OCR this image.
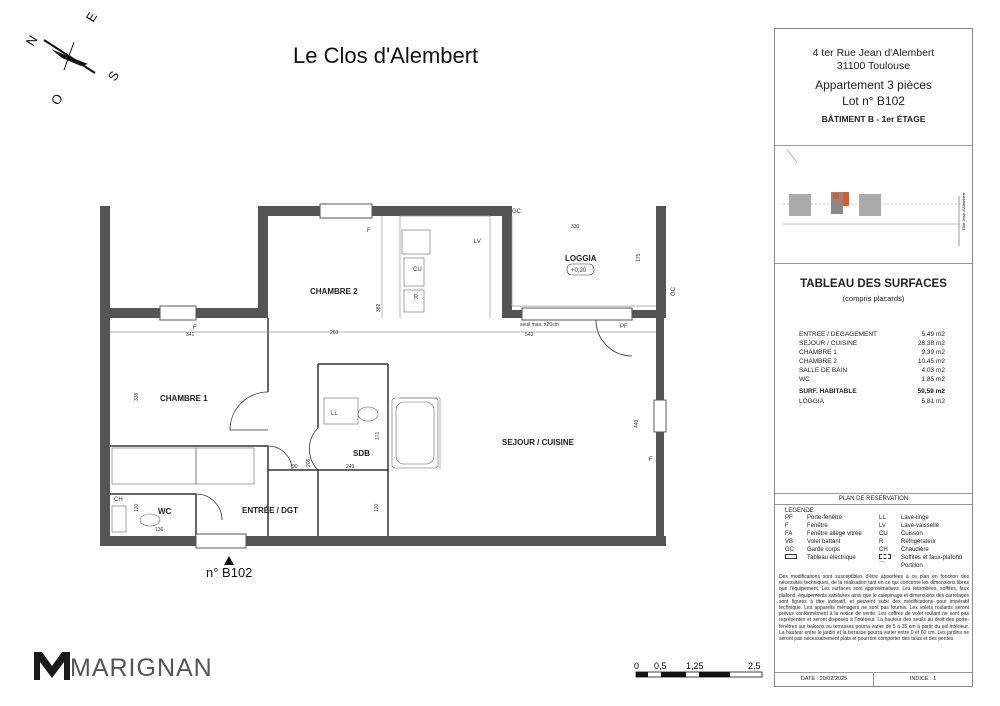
N
E
S
O
CHAMBRE 2
CHAMBRE 1
LOGGIA
+0,20
SDB
SEJOUR / CUISINE
WC	ENTRÉE / DGT
330
175
382
260
341	543
338
171
449
90 206	249
120
120
136
GC
GC
F
F
F
LV
CU
R
PF
LL
CH
seuil max. ±20cm
n° B102
0 0,5 1,25	2,5
Le Clos d'Alembert
MARIGNAN
4 ter Rue Jean d'Alembert
31100 Toulouse
Appartement 3 pièces
Lot n° B102
BÂTIMENT B - 1er ÉTAGE
Rue Jean d'Alembert
TABLEAU DES SURFACES
(compris placards)
ENTREE / DEGAGEMENT	5,49 m2
SEJOUR / CUISINE	28,38 m2
CHAMBRE 1	9,39 m2
CHAMBRE 2	10,45 m2
SALLE DE BAIN	4,03 m2
WC	1,85 m2
SURF. HABITABLE	59,59 m2
LOGGIA	5,81 m2
PLAN DE RESERVATION
LEGENDE
PF Porte-fenêtre
F	Fenêtre
FA Fenêtre allège vitrée
VB Volet battant
GC Garde corps
Tableau électrique
LL	Lave-linge
LV	Lave-vaisselle
CU Cuisson
R	Réfrigérateur
CH Chaudière
Soffites et faux-plafond
⌒	Portillon
Des modifications sont susceptibles d'être apportées à ce plan en fonction des nécessités techniques, de la réalisation tant en ce qui concerne les dimensions libres que l'équipement. Les surfaces sont approximatives. Les retombées, soffites, faux plafond, équipements sanitaires ainsi que le calepinage et dimensions des carrelages sont figurés à titre indicatif, et peuvent subir des modifications pour impératif technique. Les appareils ménagers ne sont pas fournis. Les volets roulants seront prévus conformément à la notice de vente. Les coffres de volet roulant ne sont pas représentés et seront disposés à l'intérieur. La hauteur des seuils au droit des porte-fenêtres sur balcons ou terrasses pourra varier de 5 à 35 cm à partir du sol intérieur. La hauteur entre le jardin et la terrasse pourra varier entre 0 et 60 cm. Les jardins ne seront pas nécessairement plats et pourront comporter des talus et des pentes.
DATE : 20/02/2025	INDICE : 1
